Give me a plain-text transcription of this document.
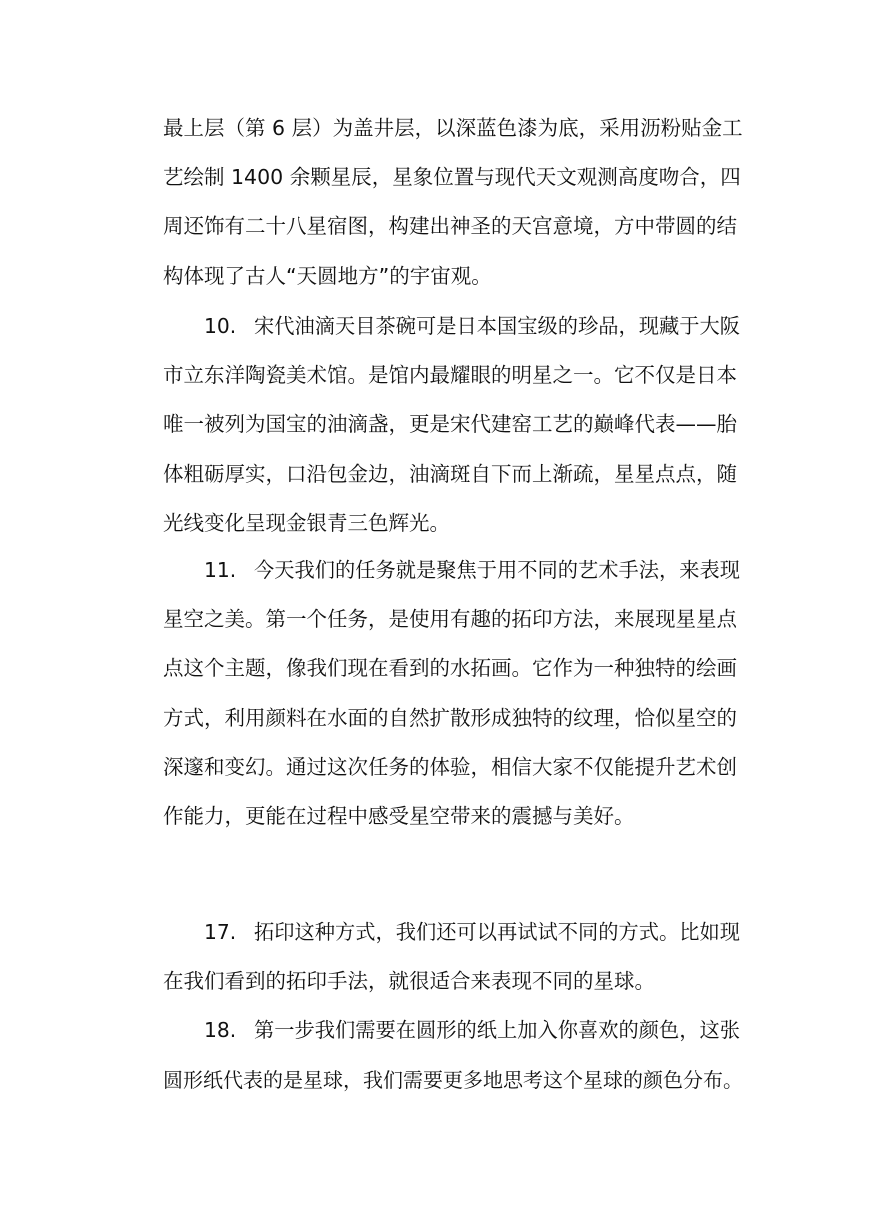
最上层（第 6 层）为盖井层，以深蓝色漆为底，采用沥粉贴金工
艺绘制 1400 余颗星辰，星象位置与现代天文观测高度吻合，四
周还饰有二十八星宿图，构建出神圣的天宫意境，方中带圆的结
构体现了古人“天圆地方”的宇宙观。
10. 宋代油滴天目茶碗可是日本国宝级的珍品，现藏于大阪
市立东洋陶瓷美术馆。是馆内最耀眼的明星之一。它不仅是日本
唯一被列为国宝的油滴盏，更是宋代建窑工艺的巅峰代表——胎
体粗砺厚实，口沿包金边，油滴斑自下而上渐疏，星星点点，随
光线变化呈现金银青三色辉光。
11. 今天我们的任务就是聚焦于用不同的艺术手法，来表现
星空之美。第一个任务，是使用有趣的拓印方法，来展现星星点
点这个主题，像我们现在看到的水拓画。它作为一种独特的绘画
方式，利用颜料在水面的自然扩散形成独特的纹理，恰似星空的
深邃和变幻。通过这次任务的体验，相信大家不仅能提升艺术创
作能力，更能在过程中感受星空带来的震撼与美好。
17. 拓印这种方式，我们还可以再试试不同的方式。比如现
在我们看到的拓印手法，就很适合来表现不同的星球。
18. 第一步我们需要在圆形的纸上加入你喜欢的颜色，这张
圆形纸代表的是星球，我们需要更多地思考这个星球的颜色分布。
